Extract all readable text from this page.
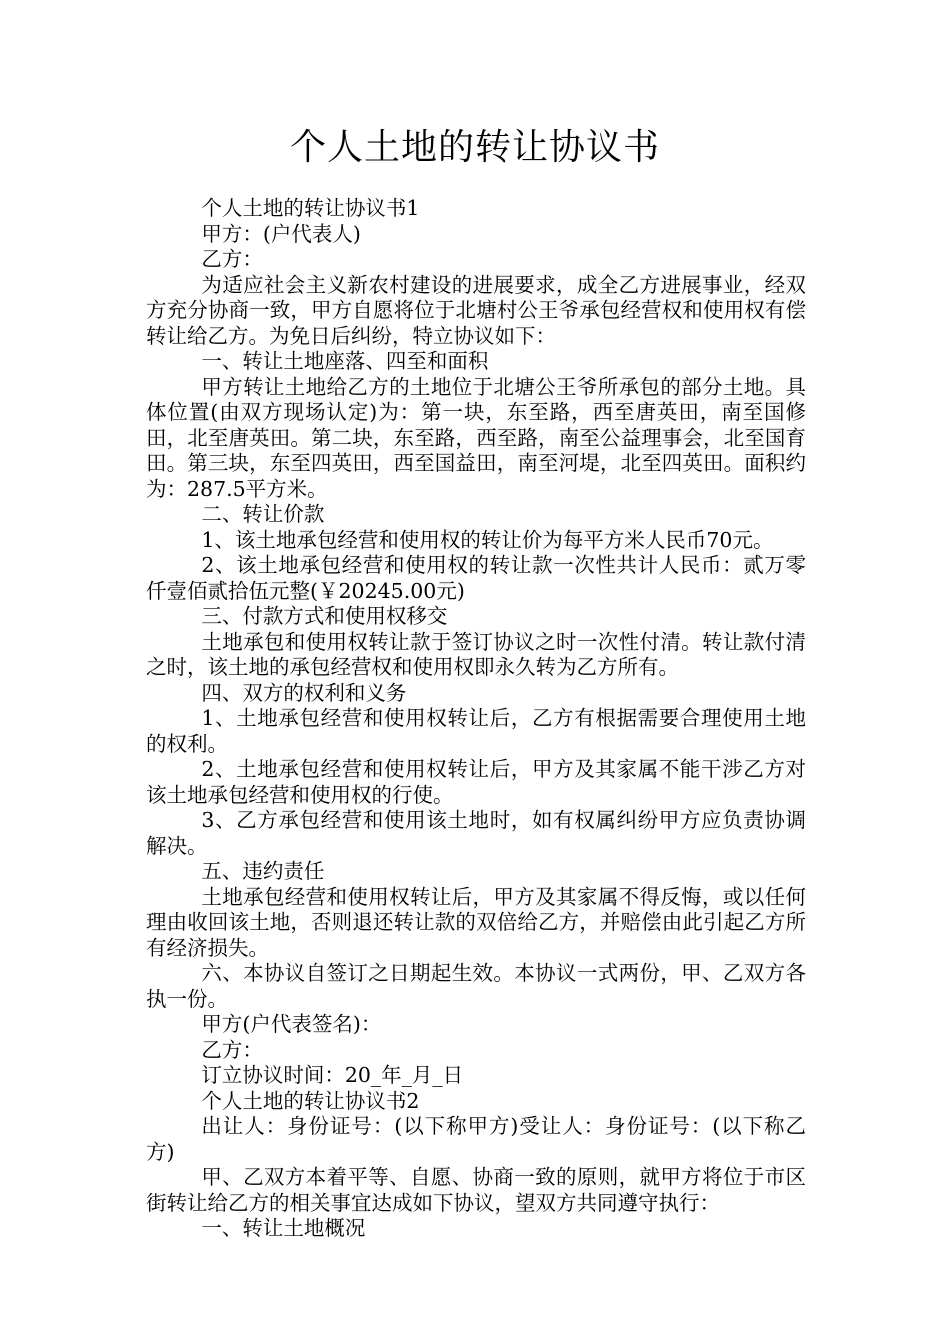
个人土地的转让协议书

个人土地的转让协议书1

甲方：(户代表人)

乙方：

为适应社会主义新农村建设的进展要求，成全乙方进展事业，经双方充分协商一致，甲方自愿将位于北塘村公王爷承包经营权和使用权有偿转让给乙方。为免日后纠纷，特立协议如下：

一、转让土地座落、四至和面积

甲方转让土地给乙方的土地位于北塘公王爷所承包的部分土地。具体位置(由双方现场认定)为：第一块，东至路，西至唐英田，南至国修田，北至唐英田。第二块，东至路，西至路，南至公益理事会，北至国育田。第三块，东至四英田，西至国益田，南至河堤，北至四英田。面积约为：287.5平方米。

二、转让价款

1、该土地承包经营和使用权的转让价为每平方米人民币70元。

2、该土地承包经营和使用权的转让款一次性共计人民币：贰万零仟壹佰贰拾伍元整(￥20245.00元)

三、付款方式和使用权移交

土地承包和使用权转让款于签订协议之时一次性付清。转让款付清之时，该土地的承包经营权和使用权即永久转为乙方所有。

四、双方的权利和义务

1、土地承包经营和使用权转让后，乙方有根据需要合理使用土地的权利。

2、土地承包经营和使用权转让后，甲方及其家属不能干涉乙方对该土地承包经营和使用权的行使。

3、乙方承包经营和使用该土地时，如有权属纠纷甲方应负责协调解决。

五、违约责任

土地承包经营和使用权转让后，甲方及其家属不得反悔，或以任何理由收回该土地，否则退还转让款的双倍给乙方，并赔偿由此引起乙方所有经济损失。

六、本协议自签订之日期起生效。本协议一式两份，甲、乙双方各执一份。

甲方(户代表签名)：

乙方：

订立协议时间：20_年_月_日

个人土地的转让协议书2

出让人：身份证号：(以下称甲方)受让人：身份证号：(以下称乙方)

甲、乙双方本着平等、自愿、协商一致的原则，就甲方将位于市区街转让给乙方的相关事宜达成如下协议，望双方共同遵守执行：

一、转让土地概况
